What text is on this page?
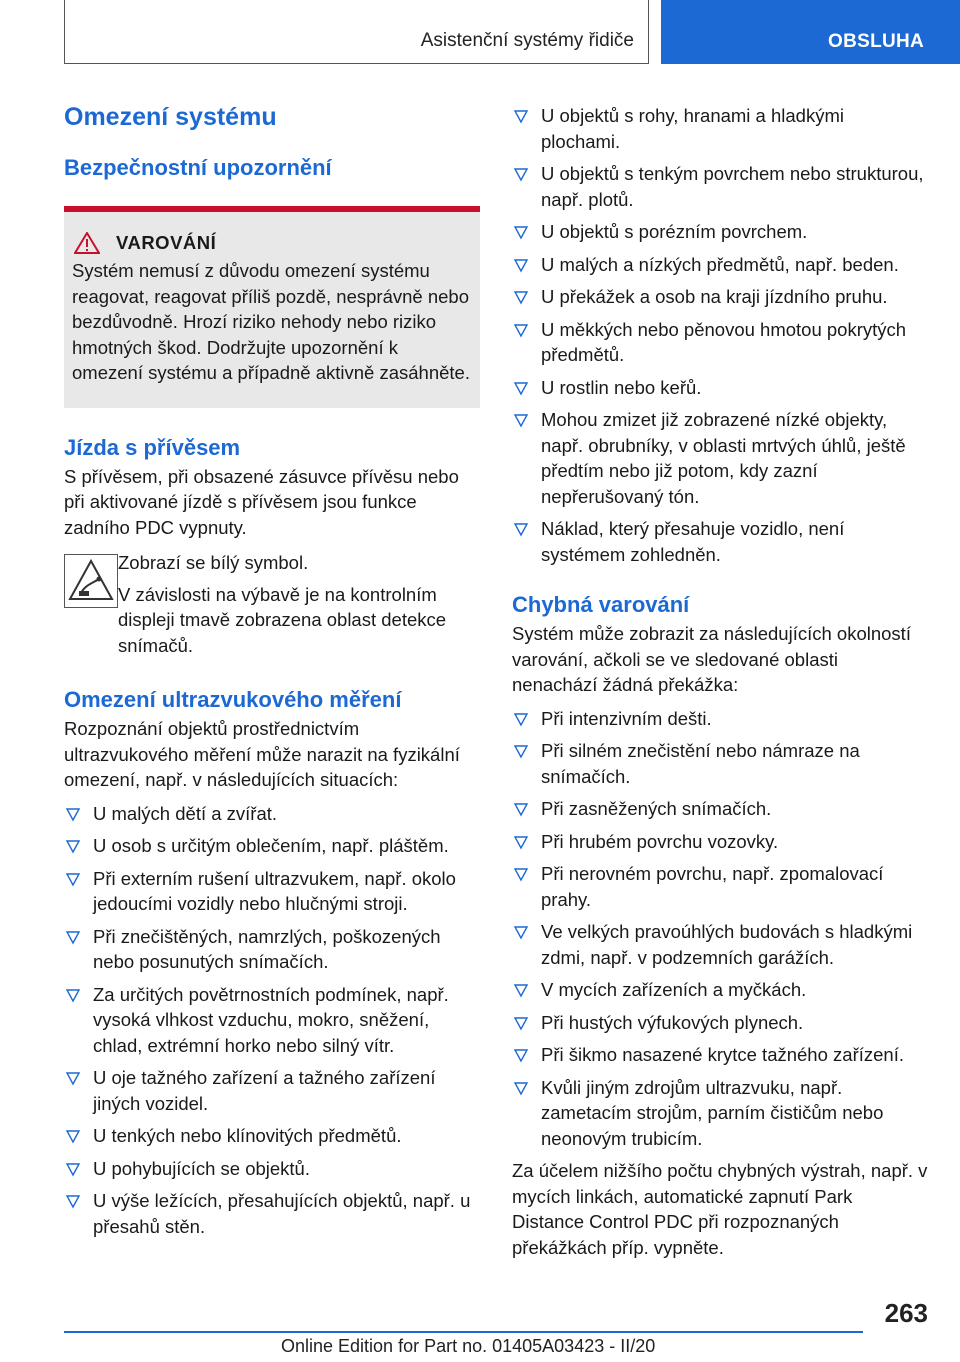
Asistenční systémy řidiče	OBSLUHA
Omezení systému
Bezpečnostní upozornění
VAROVÁNÍ

Systém nemusí z důvodu omezení systému reagovat, reagovat příliš pozdě, nesprávně nebo bezdůvodně. Hrozí riziko nehody nebo riziko hmotných škod. Dodržujte upozornění k omezení systému a případně aktivně zasáhněte.

Jízda s přívěsem

S přívěsem, při obsazené zásuvce přívěsu nebo při aktivované jízdě s přívěsem jsou funkce zadního PDC vypnuty.

Zobrazí se bílý symbol.

V závislosti na výbavě je na kontrolním displeji tmavě zobrazena oblast detekce snímačů.

Omezení ultrazvukového měření

Rozpoznání objektů prostřednictvím ultrazvukového měření může narazit na fyzikální omezení, např. v následujících situacích:

U malých dětí a zvířat.
U osob s určitým oblečením, např. pláštěm.
Při externím rušení ultrazvukem, např. okolo jedoucími vozidly nebo hlučnými stroji.
Při znečištěných, namrzlých, poškozených nebo posunutých snímačích.
Za určitých povětrnostních podmínek, např. vysoká vlhkost vzduchu, mokro, sněžení, chlad, extrémní horko nebo silný vítr.
U oje tažného zařízení a tažného zařízení jiných vozidel.
U tenkých nebo klínovitých předmětů.
U pohybujících se objektů.
U výše ležících, přesahujících objektů, např. u přesahů stěn.
U objektů s rohy, hranami a hladkými plochami.
U objektů s tenkým povrchem nebo strukturou, např. plotů.
U objektů s porézním povrchem.
U malých a nízkých předmětů, např. beden.
U překážek a osob na kraji jízdního pruhu.
U měkkých nebo pěnovou hmotou pokrytých předmětů.
U rostlin nebo keřů.
Mohou zmizet již zobrazené nízké objekty, např. obrubníky, v oblasti mrtvých úhlů, ještě předtím nebo již potom, kdy zazní nepřerušovaný tón.
Náklad, který přesahuje vozidlo, není systémem zohledněn.
Chybná varování

Systém může zobrazit za následujících okolností varování, ačkoli se ve sledované oblasti nenachází žádná překážka:

Při intenzivním dešti.
Při silném znečistění nebo námraze na snímačích.
Při zasněžených snímačích.
Při hrubém povrchu vozovky.
Při nerovném povrchu, např. zpomalovací prahy.
Ve velkých pravoúhlých budovách s hladkými zdmi, např. v podzemních garážích.
V mycích zařízeních a myčkách.
Při hustých výfukových plynech.
Při šikmo nasazené krytce tažného zařízení.
Kvůli jiným zdrojům ultrazvuku, např. zametacím strojům, parním čističům nebo neonovým trubicím.

Za účelem nižšího počtu chybných výstrah, např. v mycích linkách, automatické zapnutí Park Distance Control PDC při rozpoznaných překážkách příp. vypněte.

263
Online Edition for Part no. 01405A03423 - II/20
